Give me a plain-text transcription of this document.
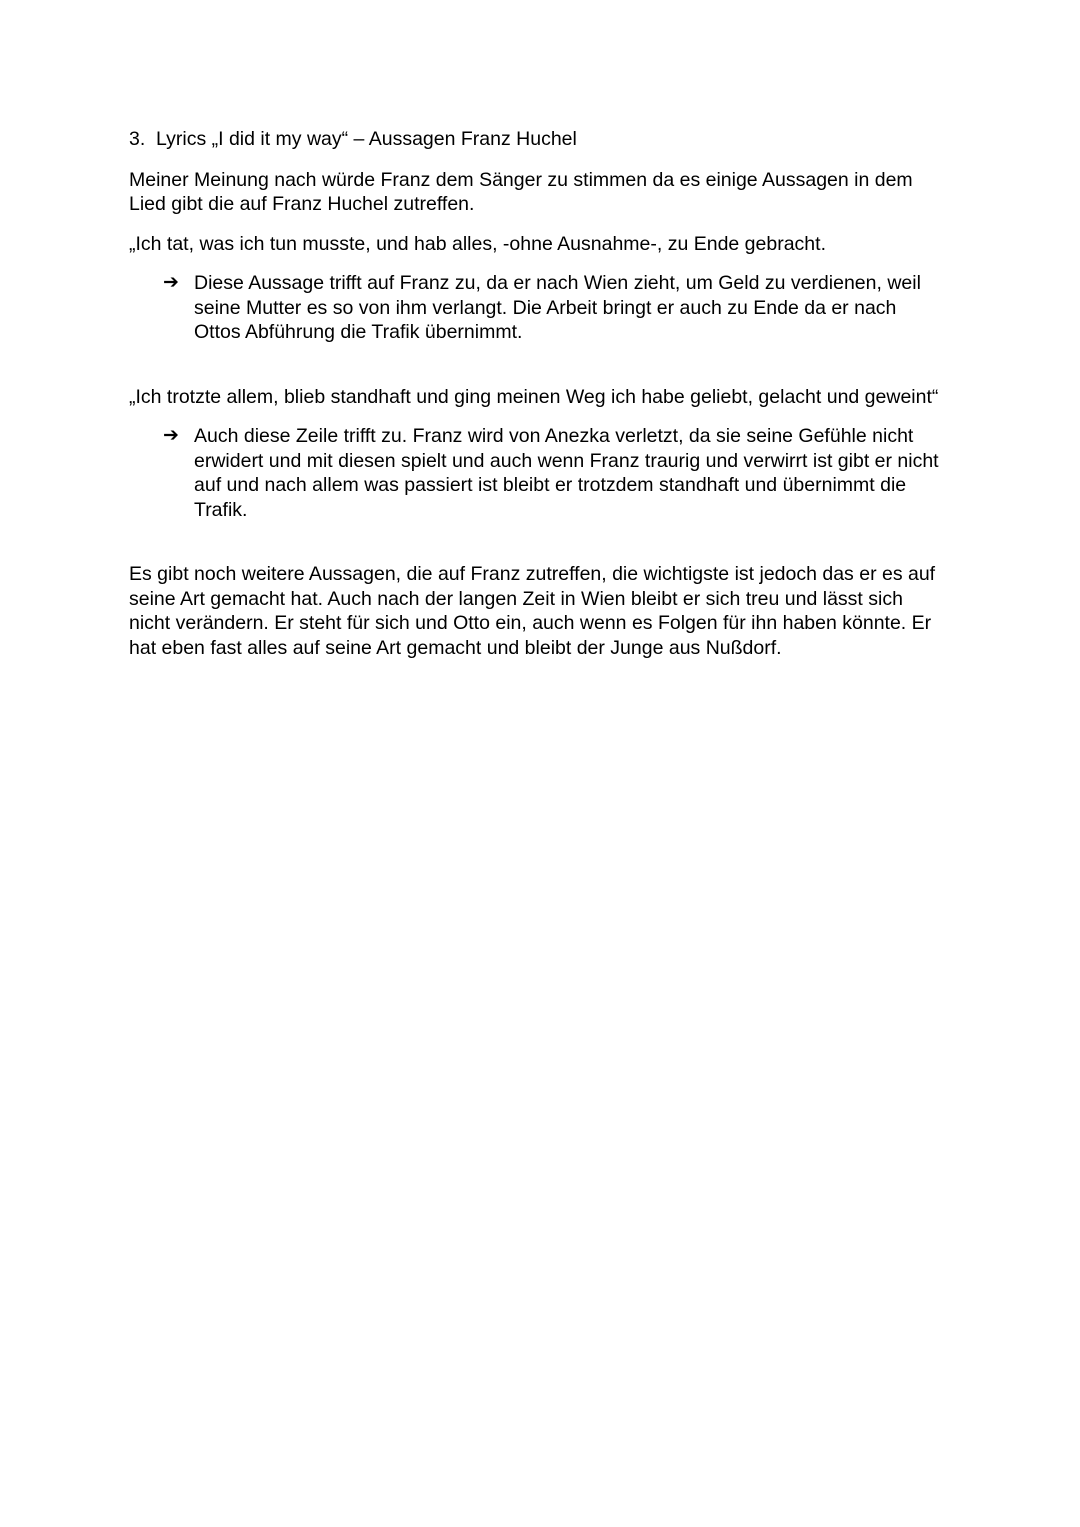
3. Lyrics „I did it my way“ – Aussagen Franz Huchel

Meiner Meinung nach würde Franz dem Sänger zu stimmen da es einige Aussagen in dem Lied gibt die auf Franz Huchel zutreffen.

„Ich tat, was ich tun musste, und hab alles, -ohne Ausnahme-, zu Ende gebracht.

➔ Diese Aussage trifft auf Franz zu, da er nach Wien zieht, um Geld zu verdienen, weil seine Mutter es so von ihm verlangt. Die Arbeit bringt er auch zu Ende da er nach Ottos Abführung die Trafik übernimmt.

„Ich trotzte allem, blieb standhaft und ging meinen Weg ich habe geliebt, gelacht und geweint“

➔ Auch diese Zeile trifft zu. Franz wird von Anezka verletzt, da sie seine Gefühle nicht erwidert und mit diesen spielt und auch wenn Franz traurig und verwirrt ist gibt er nicht auf und nach allem was passiert ist bleibt er trotzdem standhaft und übernimmt die Trafik.

Es gibt noch weitere Aussagen, die auf Franz zutreffen, die wichtigste ist jedoch das er es auf seine Art gemacht hat. Auch nach der langen Zeit in Wien bleibt er sich treu und lässt sich nicht verändern. Er steht für sich und Otto ein, auch wenn es Folgen für ihn haben könnte. Er hat eben fast alles auf seine Art gemacht und bleibt der Junge aus Nußdorf.
